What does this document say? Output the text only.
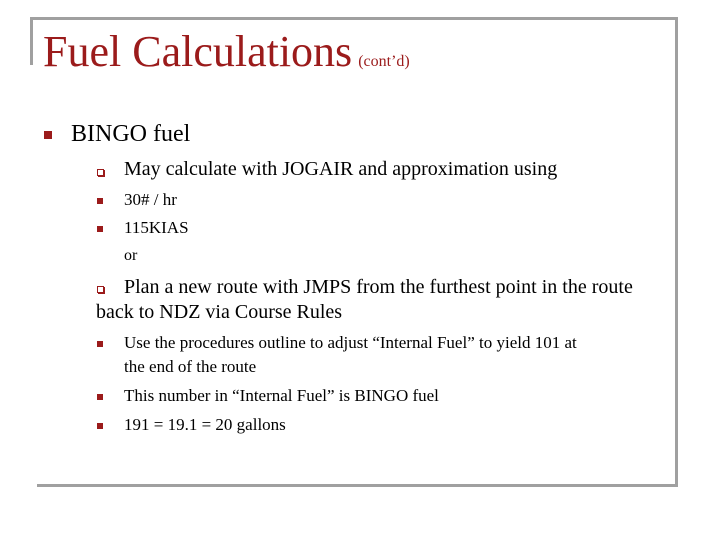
Fuel Calculations (cont’d)
BINGO fuel
May calculate with JOGAIR and approximation using
30# / hr
115KIAS
or
Plan a new route with JMPS from the furthest point in the route
back to NDZ via Course Rules
Use the procedures outline to adjust “Internal Fuel” to yield 101 at
the end of the route
This number in “Internal Fuel” is BINGO fuel
191 = 19.1 = 20 gallons
